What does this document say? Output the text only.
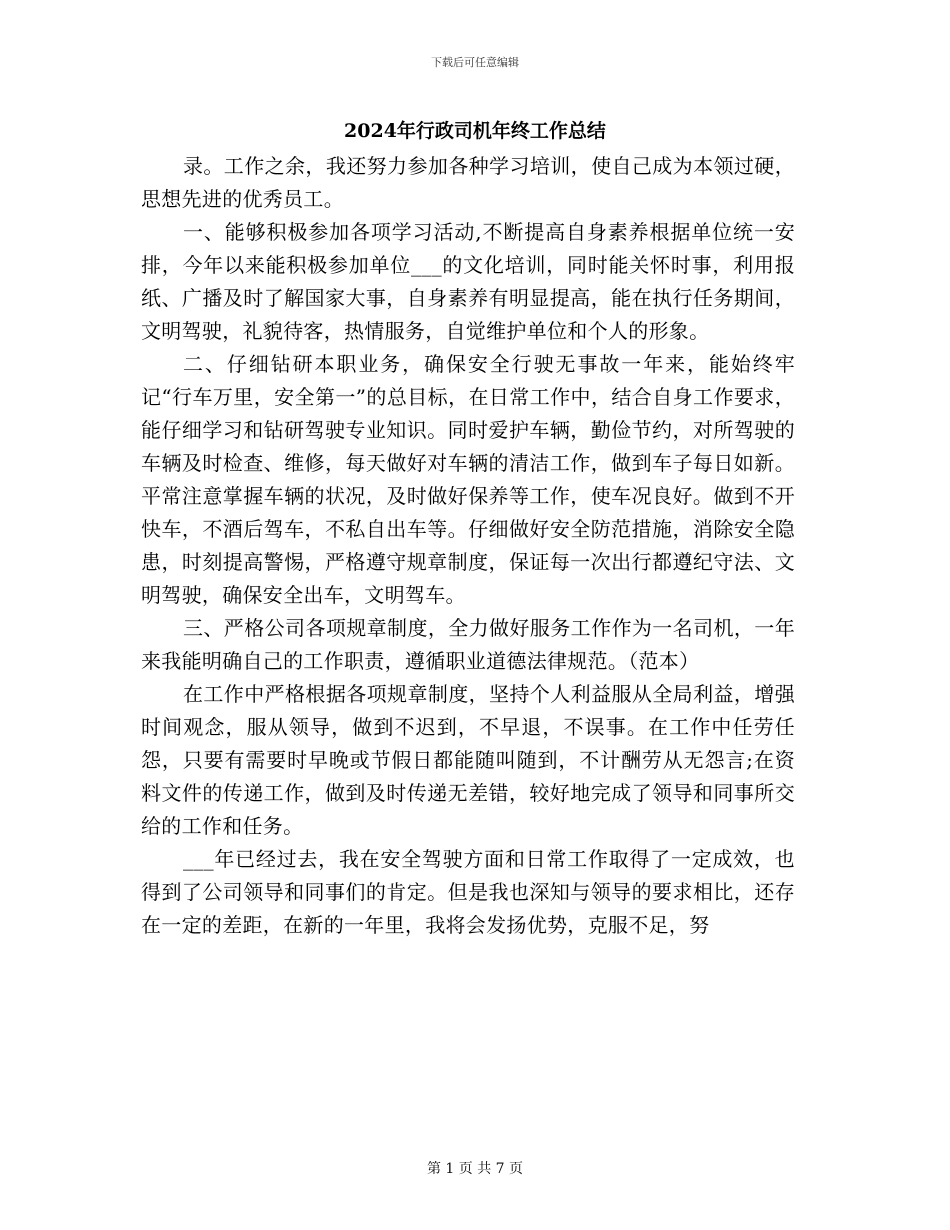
下载后可任意编辑
2024年行政司机年终工作总结

录。工作之余，我还努力参加各种学习培训，使自己成为本领过硬，思想先进的优秀员工。

一、能够积极参加各项学习活动,不断提高自身素养根据单位统一安排，今年以来能积极参加单位___的文化培训，同时能关怀时事，利用报纸、广播及时了解国家大事，自身素养有明显提高，能在执行任务期间，文明驾驶，礼貌待客，热情服务，自觉维护单位和个人的形象。

二、仔细钻研本职业务，确保安全行驶无事故一年来，能始终牢记“行车万里，安全第一”的总目标，在日常工作中，结合自身工作要求，能仔细学习和钻研驾驶专业知识。同时爱护车辆，勤俭节约，对所驾驶的车辆及时检查、维修，每天做好对车辆的清洁工作，做到车子每日如新。平常注意掌握车辆的状况，及时做好保养等工作，使车况良好。做到不开快车，不酒后驾车，不私自出车等。仔细做好安全防范措施，消除安全隐患，时刻提高警惕，严格遵守规章制度，保证每一次出行都遵纪守法、文明驾驶，确保安全出车，文明驾车。

三、严格公司各项规章制度，全力做好服务工作作为一名司机，一年来我能明确自己的工作职责，遵循职业道德法律规范。（范本）

在工作中严格根据各项规章制度，坚持个人利益服从全局利益，增强时间观念，服从领导，做到不迟到，不早退，不误事。在工作中任劳任怨，只要有需要时早晚或节假日都能随叫随到，不计酬劳从无怨言;在资料文件的传递工作，做到及时传递无差错，较好地完成了领导和同事所交给的工作和任务。

___年已经过去，我在安全驾驶方面和日常工作取得了一定成效，也得到了公司领导和同事们的肯定。但是我也深知与领导的要求相比，还存在一定的差距，在新的一年里，我将会发扬优势，克服不足，努

第 1 页 共 7 页
